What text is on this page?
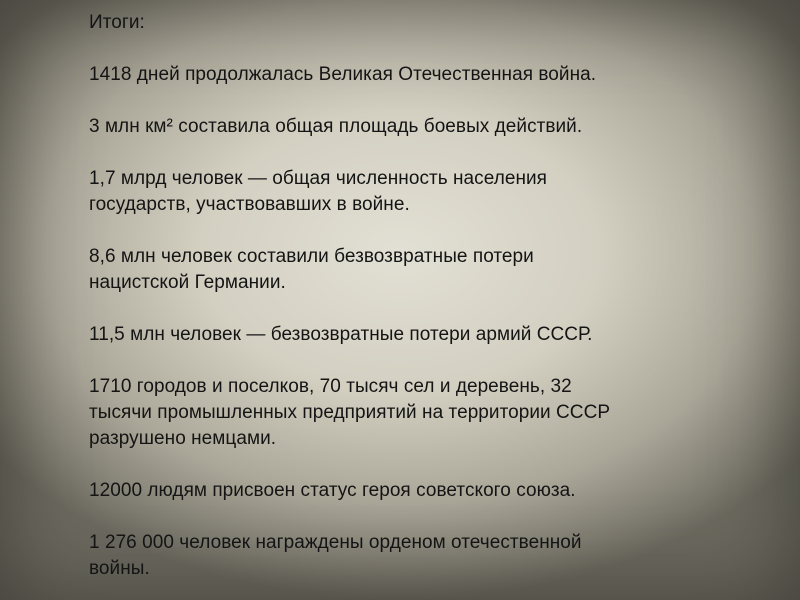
Итоги:

1418 дней продолжалась Великая Отечественная война.

3 млн км² составила общая площадь боевых действий.

1,7 млрд человек — общая численность населения
государств, участвовавших в войне.

8,6 млн человек составили безвозвратные потери
нацистской Германии.

11,5 млн человек — безвозвратные потери армий СССР.

1710 городов и поселков, 70 тысяч сел и деревень, 32
тысячи промышленных предприятий на территории СССР
разрушено немцами.

12000 людям присвоен статус героя советского союза.

1 276 000 человек награждены орденом отечественной
войны.
